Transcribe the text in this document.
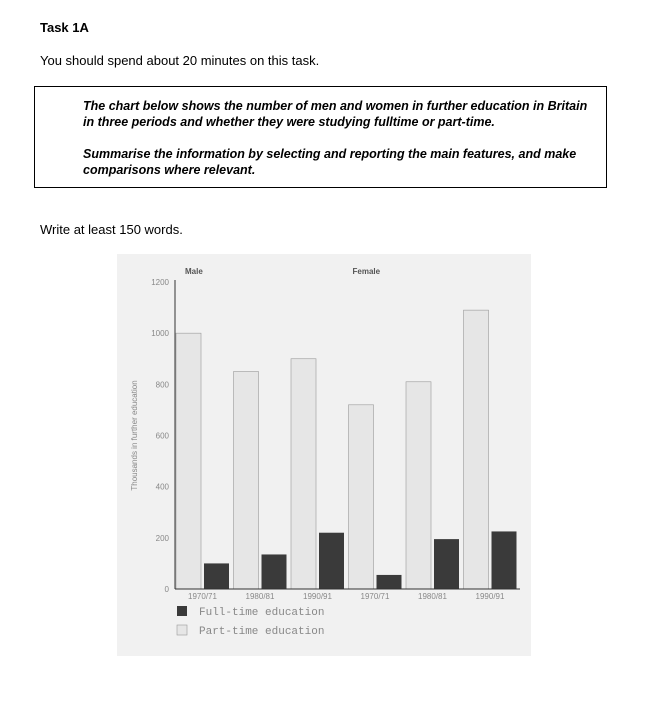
Task 1A
You should spend about 20 minutes on this task.

The chart below shows the number of men and women in further education in Britain in three periods and whether they were studying fulltime or part-time.

Summarise the information by selecting and reporting the main features, and make comparisons where relevant.

Write at least 150 words.
0
200
400
600
800
1000
1200
Thousands in further education
1970/71	1980/81	1990/91	1970/71	1980/81	1990/91
Male	Female
Full-time education
Part-time education
